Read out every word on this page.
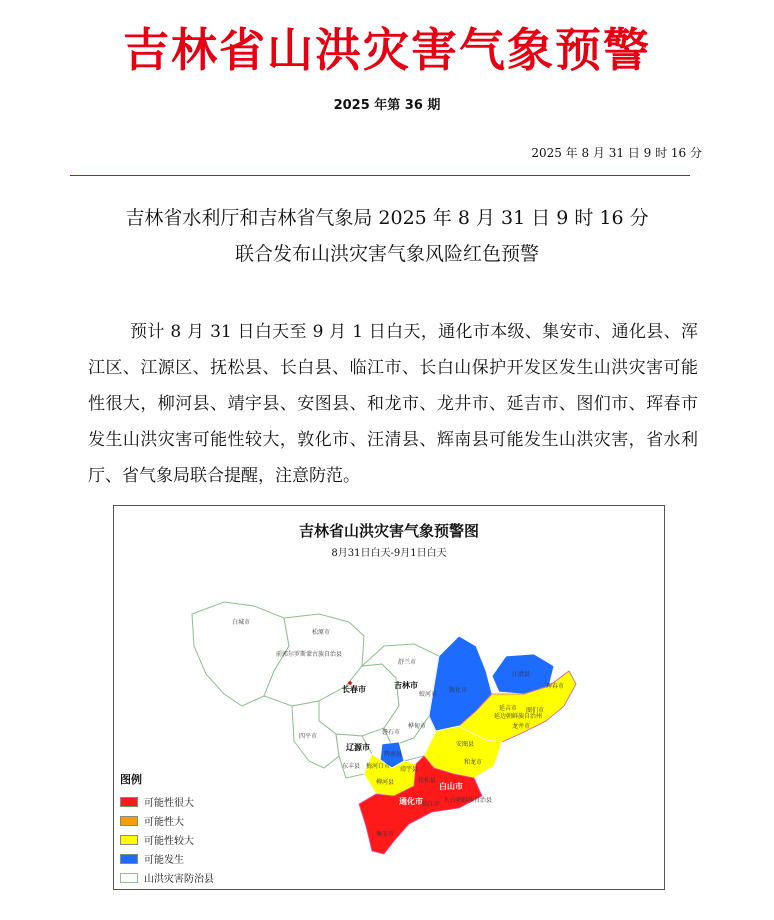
吉林省山洪灾害气象预警
2025 年第 36 期
2025 年 8 月 31 日 9 时 16 分
吉林省水利厅和吉林省气象局 2025 年 8 月 31 日 9 时 16 分
联合发布山洪灾害气象风险红色预警
预计 8 月 31 日白天至 9 月 1 日白天，通化市本级、集安市、通化县、浑江区、江源区、抚松县、长白县、临江市、长白山保护开发区发生山洪灾害可能性很大，柳河县、靖宇县、安图县、和龙市、龙井市、延吉市、图们市、珲春市发生山洪灾害可能性较大，敦化市、汪清县、辉南县可能发生山洪灾害，省水利厅、省气象局联合提醒，注意防范。
吉林省山洪灾害气象预警图
8月31日白天-9月1日白天
白城市
松原市
前郭尔罗斯蒙古族自治县
长春市	吉林市
舒兰市
蛟河市
桦甸市
磐石市
四平市
辽源市
东丰县
敦化市
汪清县
珲春市
延吉市 图们市
龙井市
延边朝鲜族自治州
安图县
和龙市
靖宇县
柳河县
辉南县
梅河口市
白山市
抚松县
临江市
长白朝鲜族自治县
通化市
集安市
图例
可能性很大
可能性大
可能性较大
可能发生
山洪灾害防治县
